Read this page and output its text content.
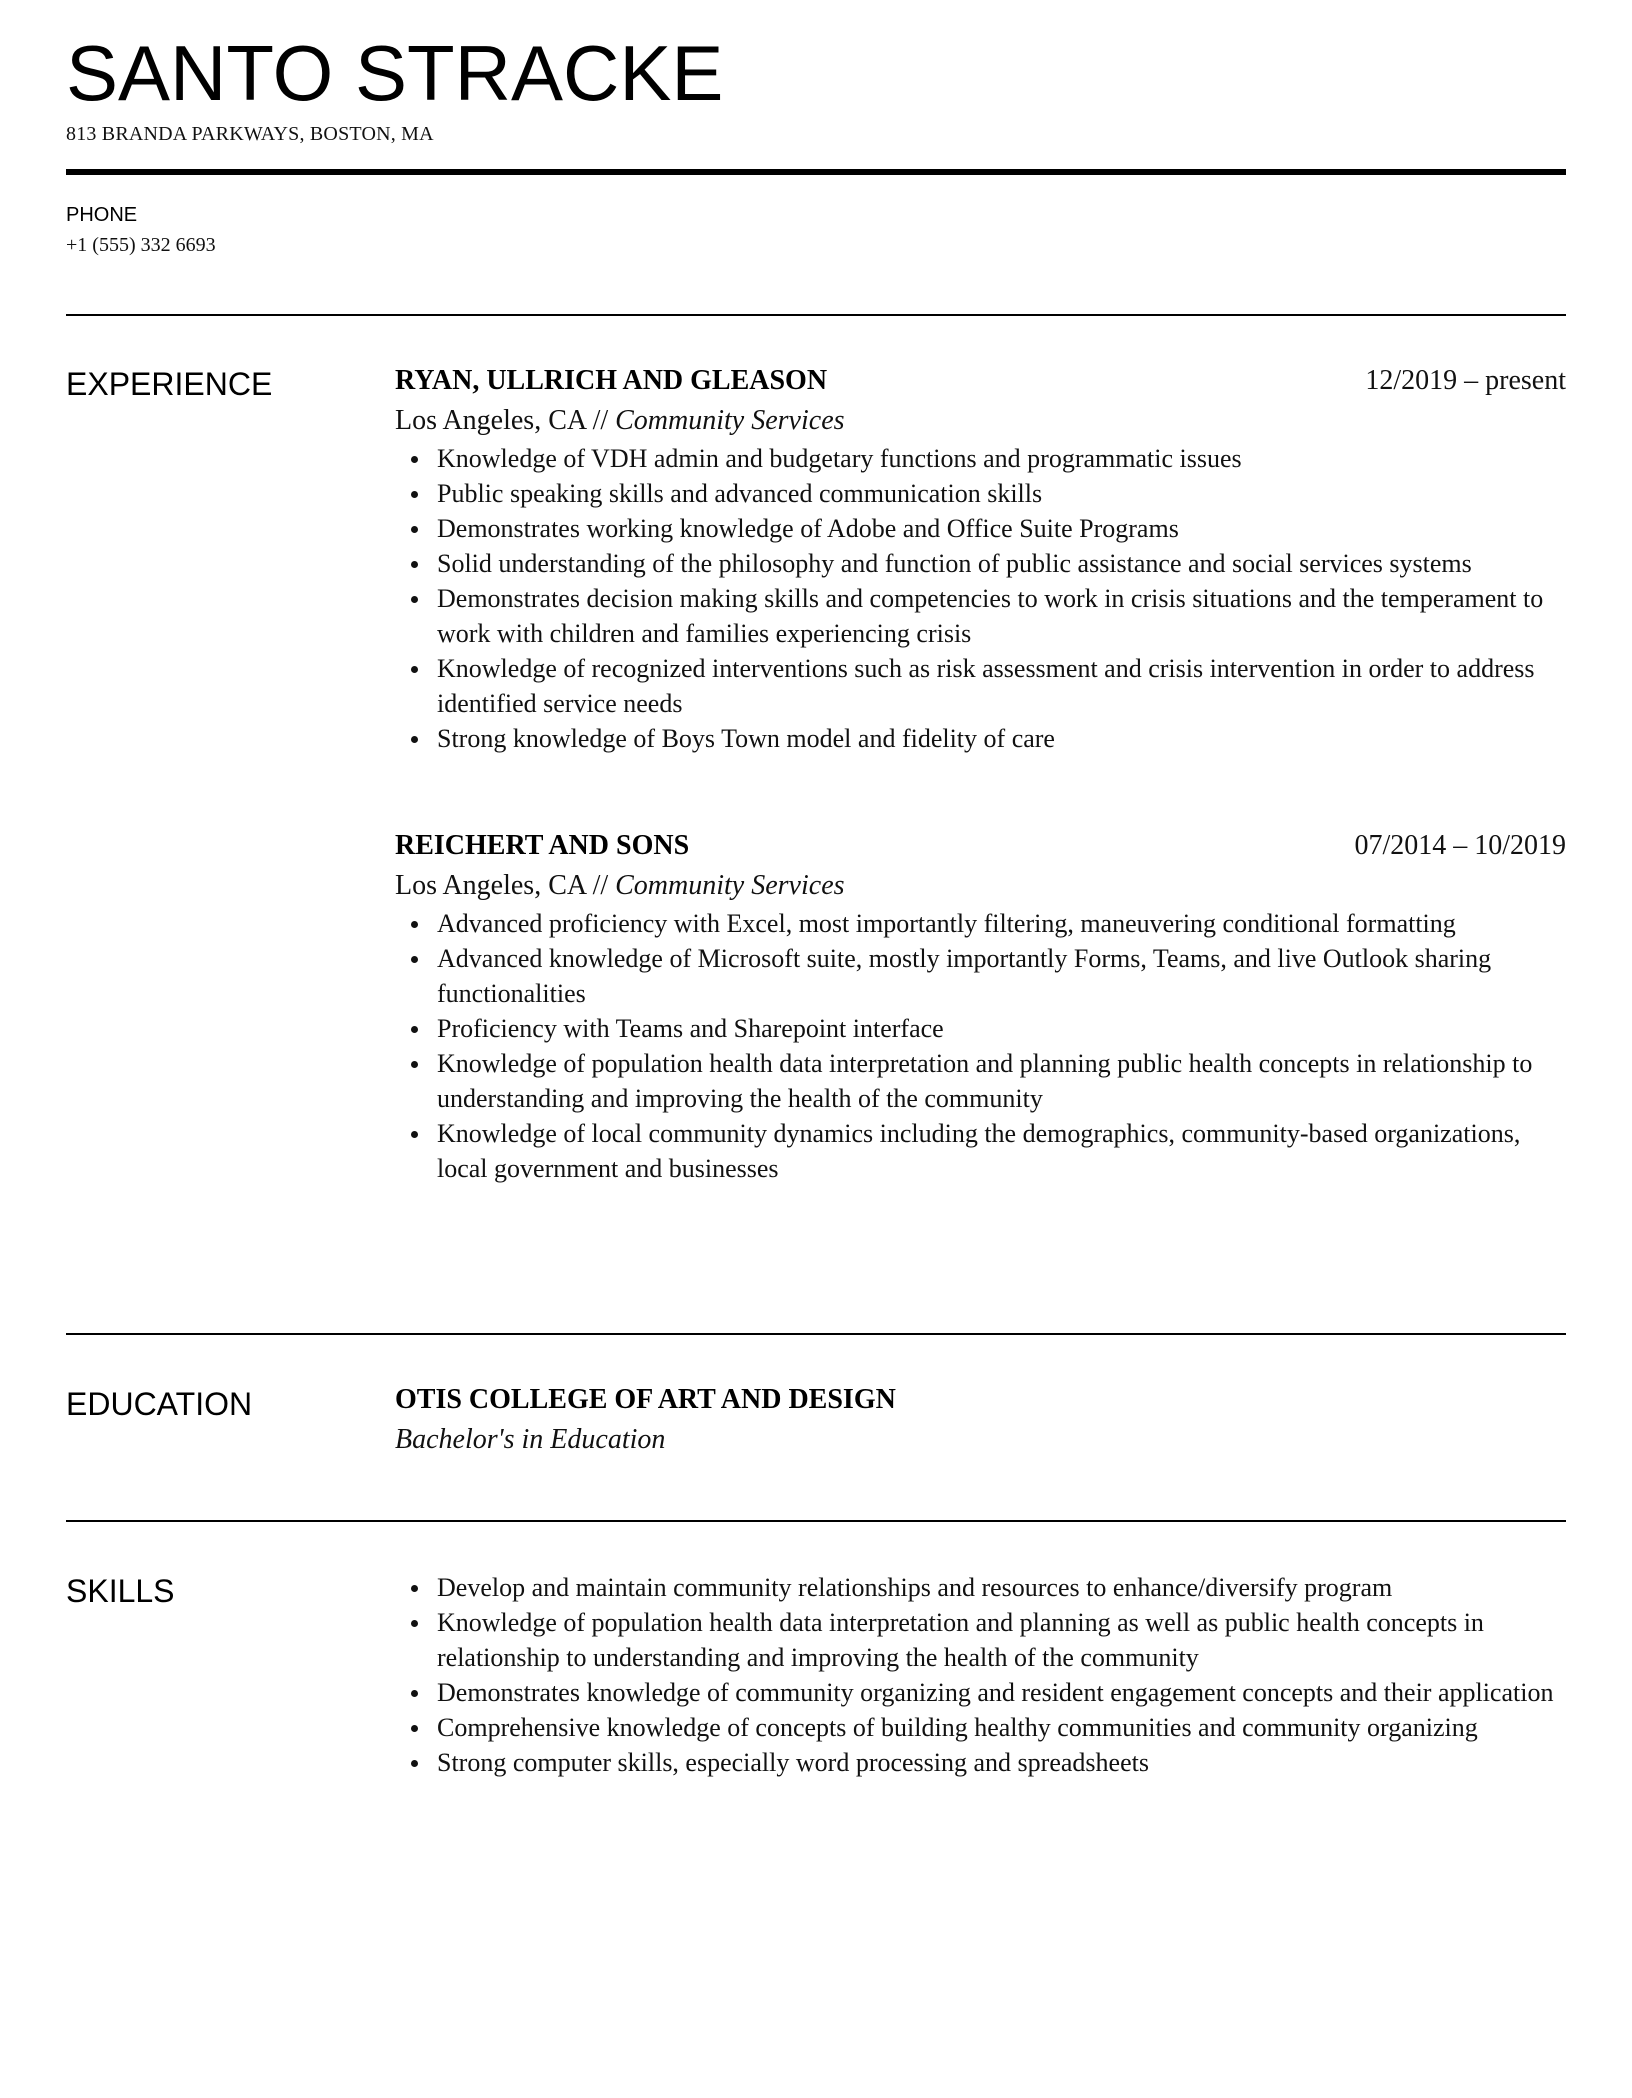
SANTO STRACKE
813 BRANDA PARKWAYS, BOSTON, MA
PHONE
+1 (555) 332 6693
EXPERIENCE	RYAN, ULLRICH AND GLEASON	12/2019 – present
Los Angeles, CA // Community Services
Knowledge of VDH admin and budgetary functions and programmatic issues
Public speaking skills and advanced communication skills
Demonstrates working knowledge of Adobe and Office Suite Programs
Solid understanding of the philosophy and function of public assistance and social services systems
Demonstrates decision making skills and competencies to work in crisis situations and the temperament to work with children and families experiencing crisis
Knowledge of recognized interventions such as risk assessment and crisis intervention in order to address identified service needs
Strong knowledge of Boys Town model and fidelity of care
REICHERT AND SONS	07/2014 – 10/2019
Los Angeles, CA // Community Services
Advanced proficiency with Excel, most importantly filtering, maneuvering conditional formatting
Advanced knowledge of Microsoft suite, mostly importantly Forms, Teams, and live Outlook sharing functionalities
Proficiency with Teams and Sharepoint interface
Knowledge of population health data interpretation and planning public health concepts in relationship to understanding and improving the health of the community
Knowledge of local community dynamics including the demographics, community-based organizations, local government and businesses
EDUCATION	OTIS COLLEGE OF ART AND DESIGN
Bachelor's in Education
SKILLS	Develop and maintain community relationships and resources to enhance/diversify program
Knowledge of population health data interpretation and planning as well as public health concepts in relationship to understanding and improving the health of the community
Demonstrates knowledge of community organizing and resident engagement concepts and their application
Comprehensive knowledge of concepts of building healthy communities and community organizing
Strong computer skills, especially word processing and spreadsheets
